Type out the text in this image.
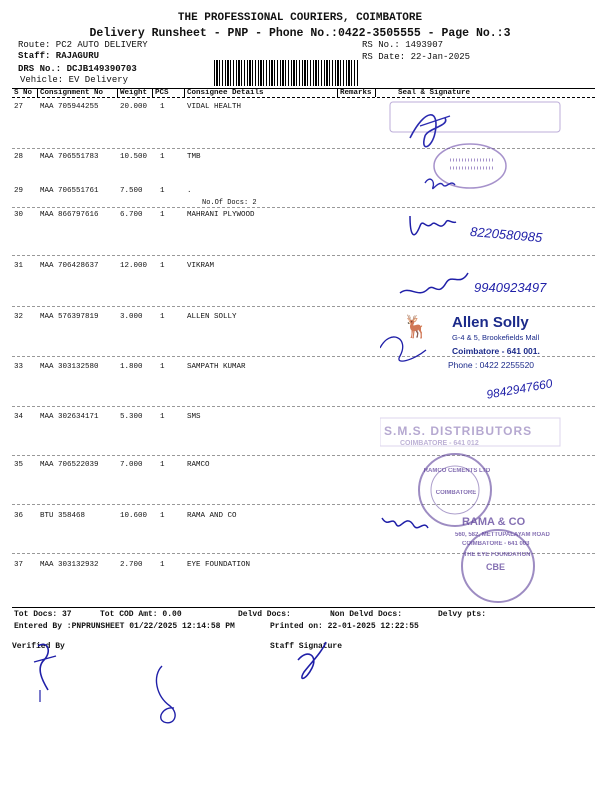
THE PROFESSIONAL COURIERS, COIMBATORE
Delivery Runsheet - PNP - Phone No.:0422-3505555 - Page No.:3
Route: PC2 AUTO DELIVERY
Staff: RAJAGURU
DRS No.: DCJB149390703
Vehicle: EV Delivery
RS No.: 1493907
RS Date: 22-Jan-2025
S No Consignment No Weight PCS Consignee Details	Remarks	Seal & Signature
27 MAA 705944255	20.000 1	VIDAL HEALTH
28 MAA 706551783	10.500 1	TMB
29 MAA 706551761	7.500 1	.
30 MAA 866797616	6.700 1	MAHRANI PLYWOOD
31 MAA 706428637	12.000 1	VIKRAM
32 MAA 576397819	3.000 1	ALLEN SOLLY
33 MAA 303132580	1.800 1	SAMPATH KUMAR
34 MAA 302634171	5.300 1	SMS
35 MAA 706522039	7.000 1	RAMCO
36 BTU 358468	10.600 1	RAMA AND CO
37 MAA 303132932	2.700 1	EYE FOUNDATION
No.Of Docs: 2
8220580985
9940923497
9842947660
🦌 Allen Solly
G-4 & 5, Brookefields Mall
Coimbatore - 641 001.
Phone : 0422 2255520
S.M.S. DISTRIBUTORS
COIMBATORE - 641 012
RAMCO CEMENTS LTD
COIMBATORE
RAMA & CO
560, 582, METTUPALAYAM ROAD
COIMBATORE - 641 003
THE EYE FOUNDATION
CBE
Tot Docs: 37	Tot COD Amt: 0.00	Delvd Docs:	Non Delvd Docs:	Delvy pts:
Entered By :PNPRUNSHEET 01/22/2025 12:14:58 PM	Printed on: 22-01-2025 12:22:55
Verified By	Staff Signature
